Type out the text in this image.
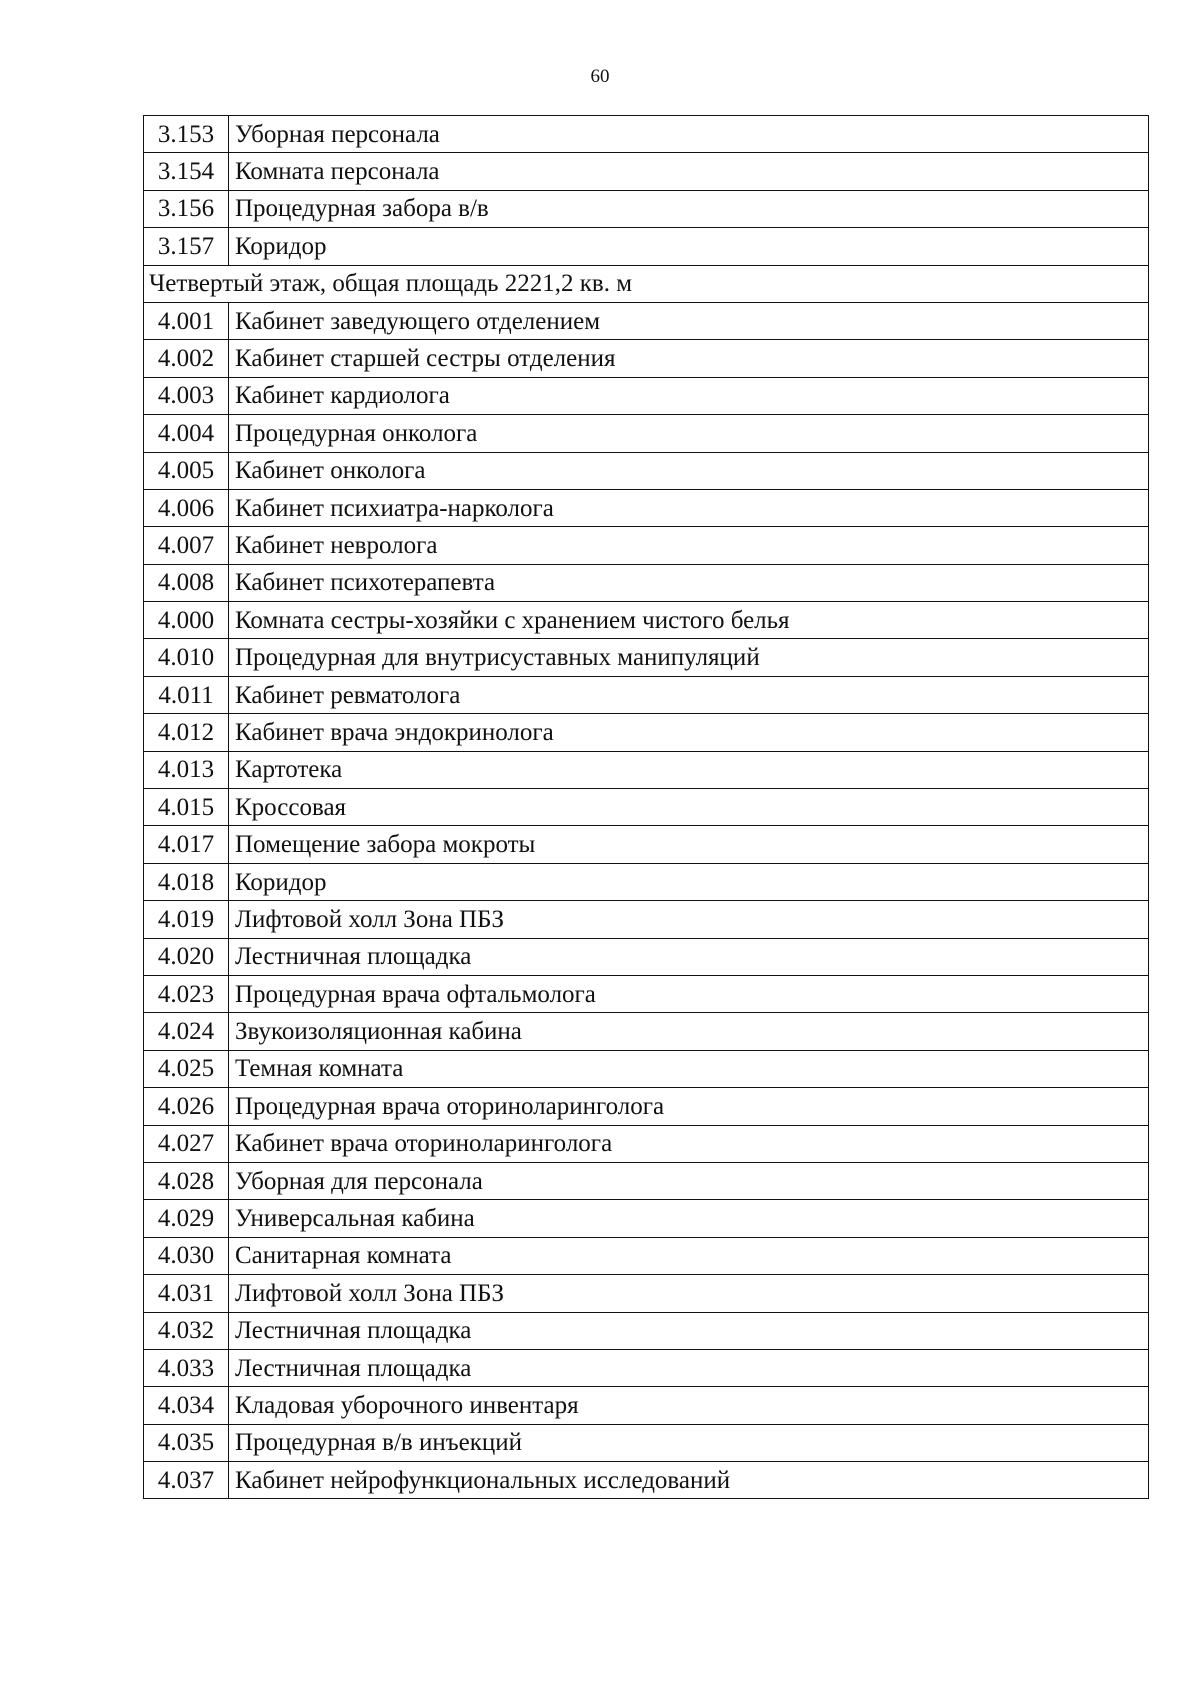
60
3.153	Уборная персонала
3.154	Комната персонала
3.156	Процедурная забора в/в
3.157	Коридор
Четвертый этаж, общая площадь 2221,2 кв. м	
4.001	Кабинет заведующего отделением
4.002	Кабинет старшей сестры отделения
4.003	Кабинет кардиолога
4.004	Процедурная онколога
4.005	Кабинет онколога
4.006	Кабинет психиатра-нарколога
4.007	Кабинет невролога
4.008	Кабинет психотерапевта
4.000	Комната сестры-хозяйки с хранением чистого белья
4.010	Процедурная для внутрисуставных манипуляций
4.011	Кабинет ревматолога
4.012	Кабинет врача эндокринолога
4.013	Картотека
4.015	Кроссовая
4.017	Помещение забора мокроты
4.018	Коридор
4.019	Лифтовой холл Зона ПБЗ
4.020	Лестничная площадка
4.023	Процедурная врача офтальмолога
4.024	Звукоизоляционная кабина
4.025	Темная комната
4.026	Процедурная врача оториноларинголога
4.027	Кабинет врача оториноларинголога
4.028	Уборная для персонала
4.029	Универсальная кабина
4.030	Санитарная комната
4.031	Лифтовой холл Зона ПБЗ
4.032	Лестничная площадка
4.033	Лестничная площадка
4.034	Кладовая уборочного инвентаря
4.035	Процедурная в/в инъекций
4.037	Кабинет нейрофункциональных исследований
